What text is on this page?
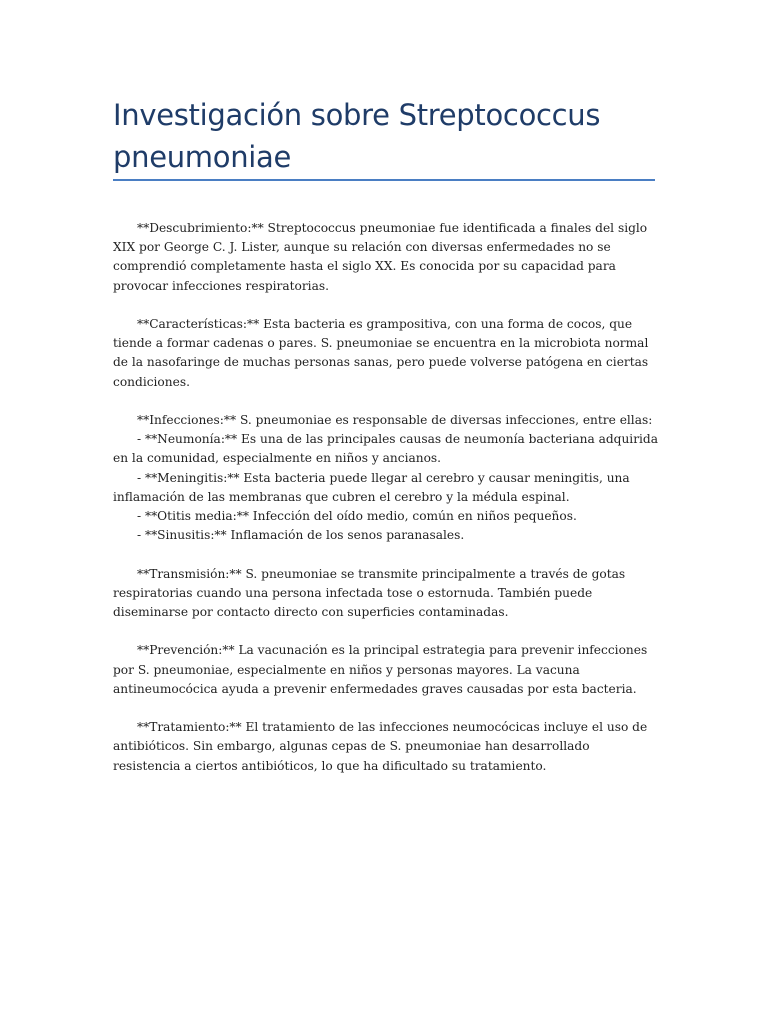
Investigación sobre Streptococcus pneumoniae

**Descubrimiento:** Streptococcus pneumoniae fue identificada a finales del siglo XIX por George C. J. Lister, aunque su relación con diversas enfermedades no se comprendió completamente hasta el siglo XX. Es conocida por su capacidad para provocar infecciones respiratorias.

**Características:** Esta bacteria es grampositiva, con una forma de cocos, que tiende a formar cadenas o pares. S. pneumoniae se encuentra en la microbiota normal de la nasofaringe de muchas personas sanas, pero puede volverse patógena en ciertas condiciones.

**Infecciones:** S. pneumoniae es responsable de diversas infecciones, entre ellas:

- **Neumonía:** Es una de las principales causas de neumonía bacteriana adquirida en la comunidad, especialmente en niños y ancianos.

- **Meningitis:** Esta bacteria puede llegar al cerebro y causar meningitis, una inflamación de las membranas que cubren el cerebro y la médula espinal.

- **Otitis media:** Infección del oído medio, común en niños pequeños.

- **Sinusitis:** Inflamación de los senos paranasales.

**Transmisión:** S. pneumoniae se transmite principalmente a través de gotas respiratorias cuando una persona infectada tose o estornuda. También puede diseminarse por contacto directo con superficies contaminadas.

**Prevención:** La vacunación es la principal estrategia para prevenir infecciones por S. pneumoniae, especialmente en niños y personas mayores. La vacuna antineumocócica ayuda a prevenir enfermedades graves causadas por esta bacteria.

**Tratamiento:** El tratamiento de las infecciones neumocócicas incluye el uso de antibióticos. Sin embargo, algunas cepas de S. pneumoniae han desarrollado resistencia a ciertos antibióticos, lo que ha dificultado su tratamiento.
